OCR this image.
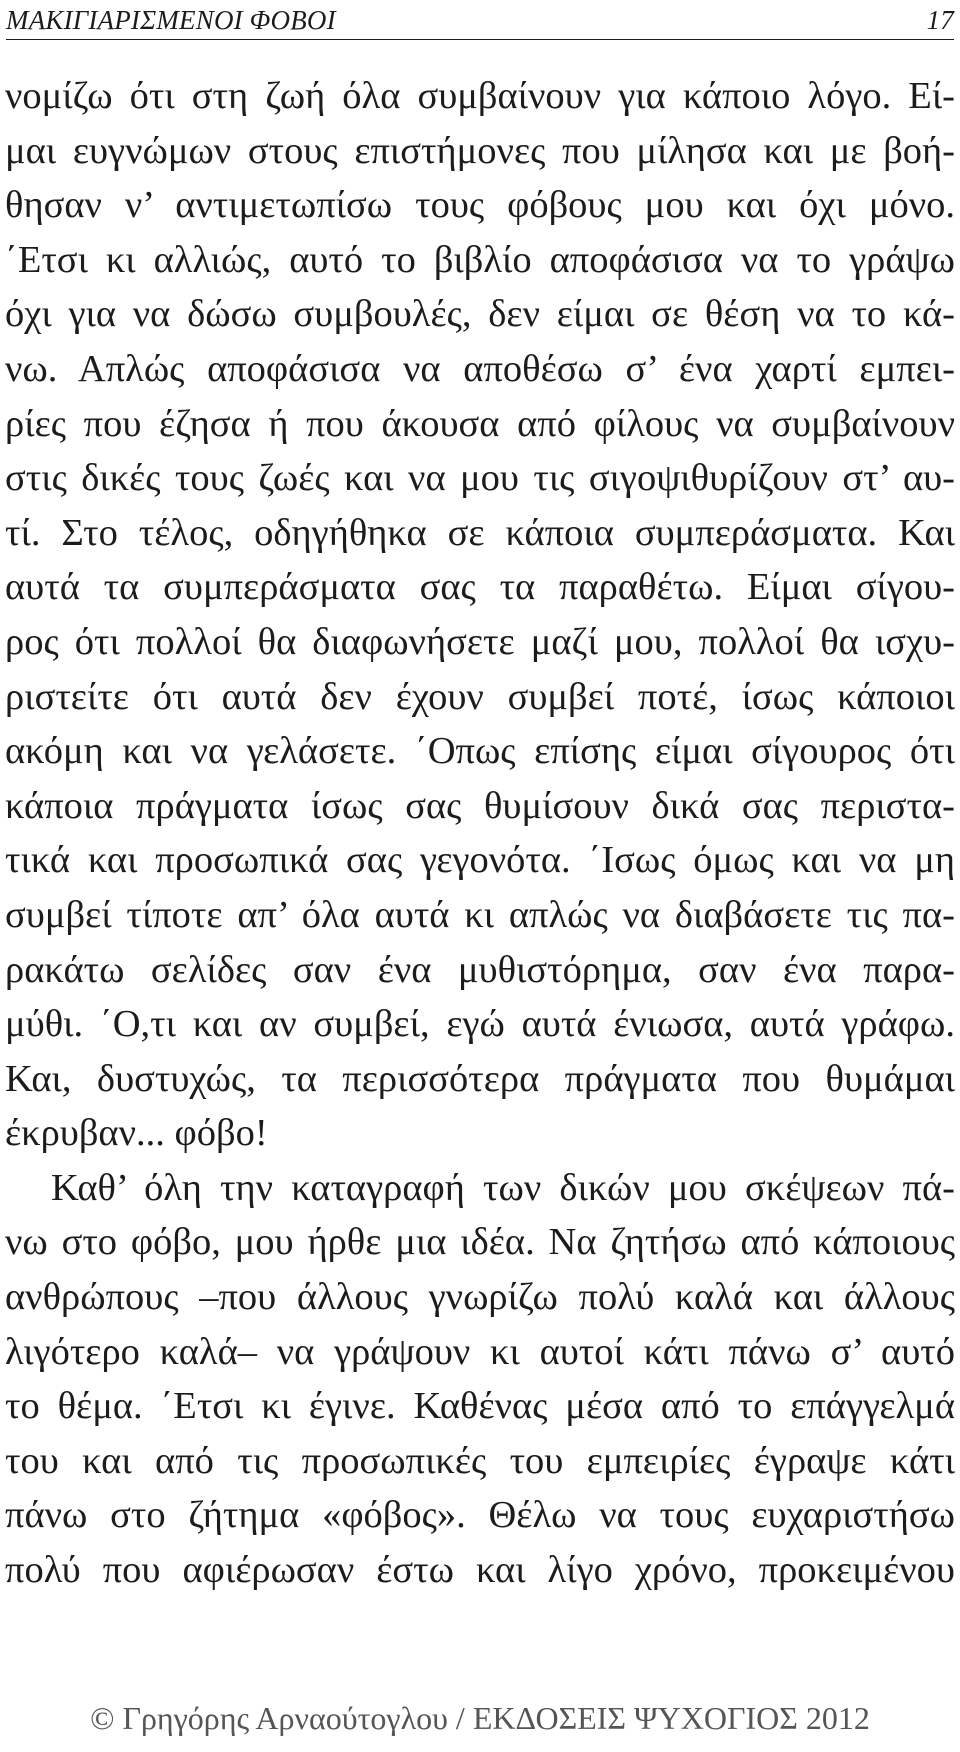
ΜΑΚΙΓΙΑΡΙΣΜΕΝΟΙ ΦΟΒΟΙ	17
νομίζω ότι στη ζωή όλα συμβαίνουν για κάποιο λόγο. Εί-
μαι ευγνώμων στους επιστήμονες που μίλησα και με βοή-
θησαν ν’ αντιμετωπίσω τους φόβους μου και όχι μόνο.
΄Ετσι κι αλλιώς, αυτό το βιβλίο αποφάσισα να το γράψω
όχι για να δώσω συμβουλές, δεν είμαι σε θέση να το κά-
νω. Απλώς αποφάσισα να αποθέσω σ’ ένα χαρτί εμπει-
ρίες που έζησα ή που άκουσα από φίλους να συμβαίνουν
στις δικές τους ζωές και να μου τις σιγοψιθυρίζουν στ’ αυ-
τί. Στο τέλος, οδηγήθηκα σε κάποια συμπεράσματα. Και
αυτά τα συμπεράσματα σας τα παραθέτω. Είμαι σίγου-
ρος ότι πολλοί θα διαφωνήσετε μαζί μου, πολλοί θα ισχυ-
ριστείτε ότι αυτά δεν έχουν συμβεί ποτέ, ίσως κάποιοι
ακόμη και να γελάσετε. ΄Οπως επίσης είμαι σίγουρος ότι
κάποια πράγματα ίσως σας θυμίσουν δικά σας περιστα-
τικά και προσωπικά σας γεγονότα. ΄Ισως όμως και να μη
συμβεί τίποτε απ’ όλα αυτά κι απλώς να διαβάσετε τις πα-
ρακάτω σελίδες σαν ένα μυθιστόρημα, σαν ένα παρα-
μύθι. ΄Ο,τι και αν συμβεί, εγώ αυτά ένιωσα, αυτά γράφω.
Και, δυστυχώς, τα περισσότερα πράγματα που θυμάμαι
έκρυβαν... φόβο!
Καθ’ όλη την καταγραφή των δικών μου σκέψεων πά-
νω στο φόβο, μου ήρθε μια ιδέα. Να ζητήσω από κάποιους
ανθρώπους –που άλλους γνωρίζω πολύ καλά και άλλους
λιγότερο καλά– να γράψουν κι αυτοί κάτι πάνω σ’ αυτό
το θέμα. ΄Ετσι κι έγινε. Καθένας μέσα από το επάγγελμά
του και από τις προσωπικές του εμπειρίες έγραψε κάτι
πάνω στο ζήτημα «φόβος». Θέλω να τους ευχαριστήσω
πολύ που αφιέρωσαν έστω και λίγο χρόνο, προκειμένου
© Γρηγόρης Αρναούτογλου / ΕΚΔΟΣΕΙΣ ΨΥΧΟΓΙΟΣ 2012
